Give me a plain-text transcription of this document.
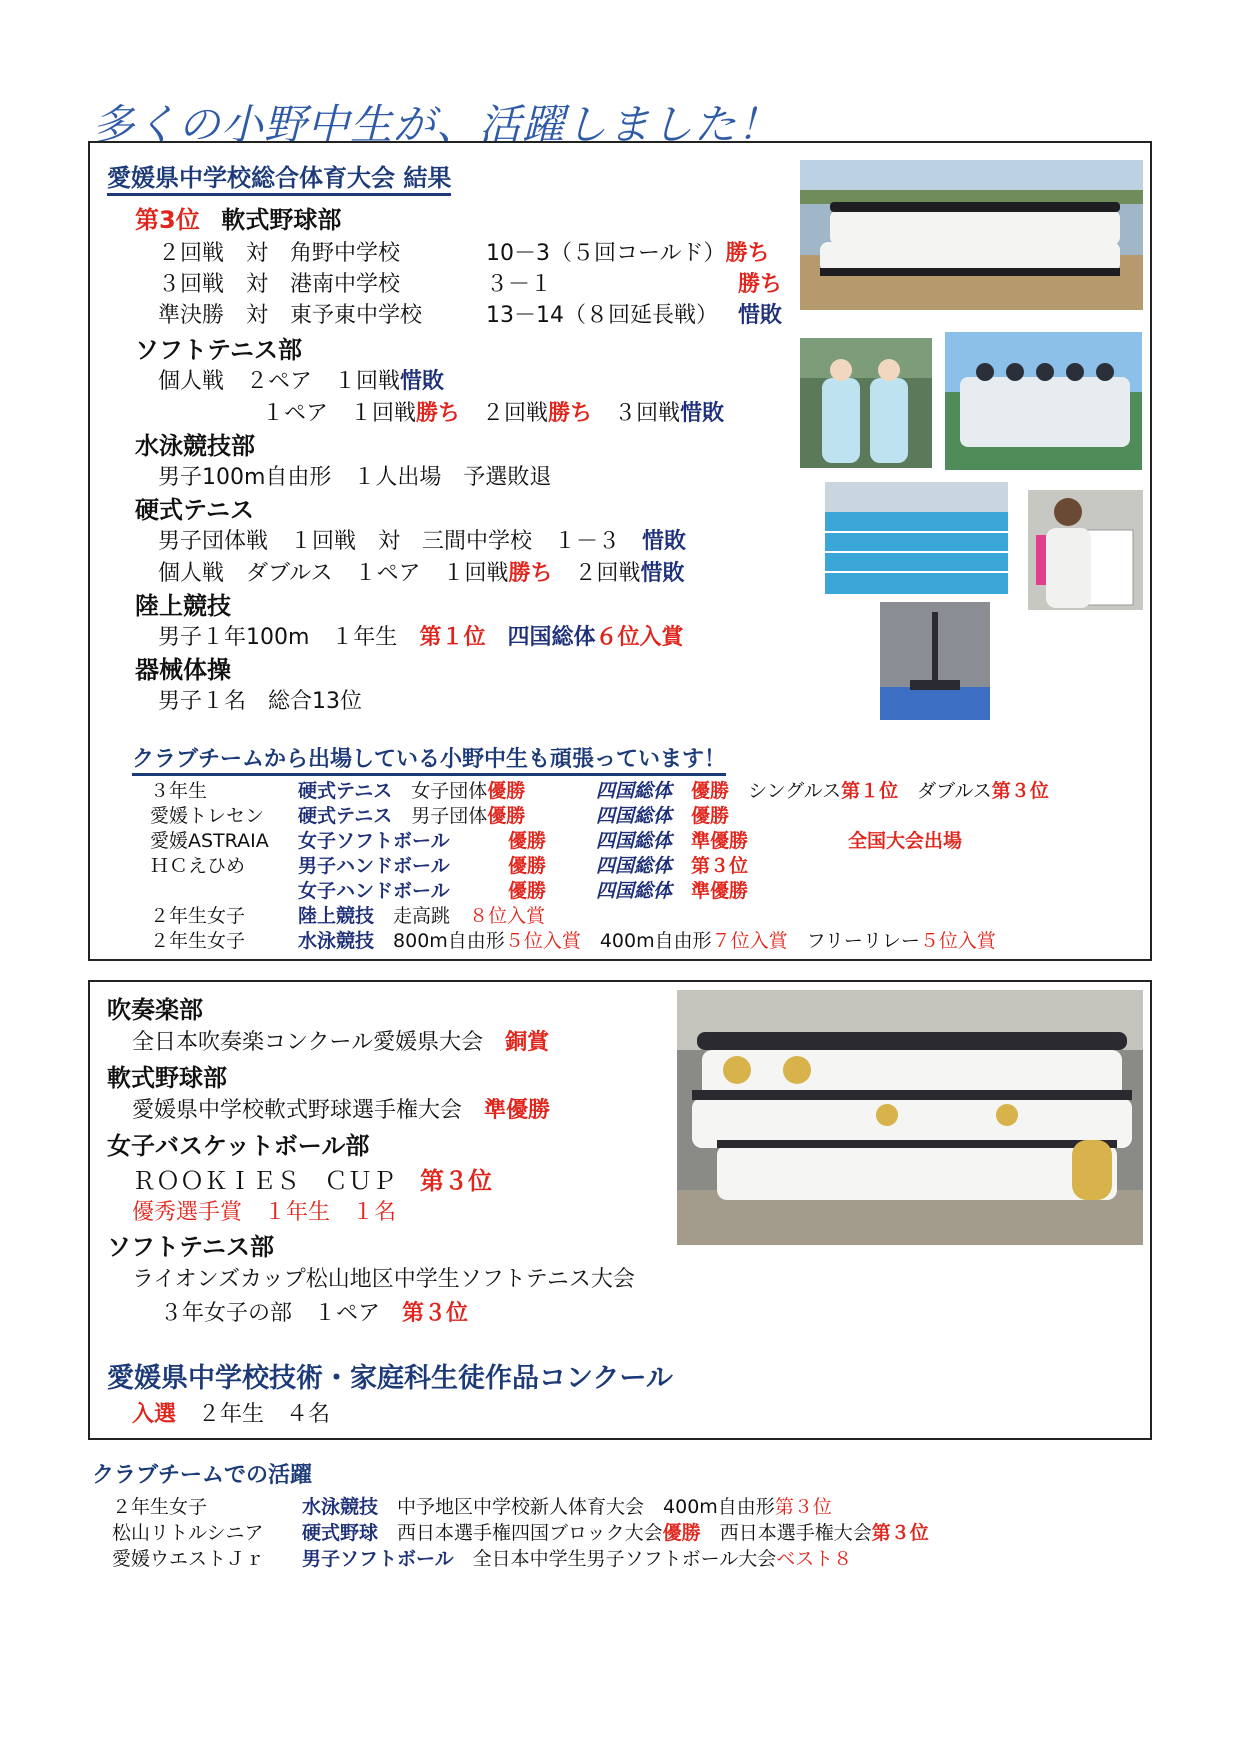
多くの小野中生が、活躍しました！
愛媛県中学校総合体育大会 結果
第3位 軟式野球部
２回戦　対　角野中学校	10－3（５回コールド）勝ち
３回戦　対　港南中学校	３－１	勝ち
準決勝　対　東予東中学校	13－14（８回延長戦） 惜敗
ソフトテニス部
個人戦　２ペア　１回戦惜敗
１ペア　１回戦勝ち　 ２回戦勝ち　 ３回戦惜敗
水泳競技部
男子100m自由形　１人出場　予選敗退
硬式テニス
男子団体戦　１回戦　対　三間中学校　１－３　 惜敗
個人戦　ダブルス　１ペア　１回戦勝ち　 ２回戦惜敗
陸上競技
男子１年100m　１年生　 第１位　 四国総体６位入賞
器械体操
男子１名　総合13位
クラブチームから出場している小野中生も頑張っています！
３年生	硬式テニス　 女子団体優勝	四国総体　 優勝　 シングルス第１位　 ダブルス第３位
愛媛トレセン 硬式テニス　 男子団体優勝	四国総体　 優勝
愛媛ASTRAIA 女子ソフトボール	優勝	四国総体　 準優勝	全国大会出場
ＨＣえひめ	男子ハンドボール	優勝	四国総体　 第３位
女子ハンドボール	優勝	四国総体　 準優勝
２年生女子	陸上競技　 走高跳　 ８位入賞
２年生女子	水泳競技　 800m自由形５位入賞　 400m自由形７位入賞　 フリーリレー５位入賞
吹奏楽部
全日本吹奏楽コンクール愛媛県大会　 銅賞
軟式野球部
愛媛県中学校軟式野球選手権大会　 準優勝
女子バスケットボール部
ＲＯＯＫＩＥＳ　ＣＵＰ　 第３位
優秀選手賞　１年生　１名
ソフトテニス部
ライオンズカップ松山地区中学生ソフトテニス大会
３年女子の部　１ペア　 第３位
愛媛県中学校技術・家庭科生徒作品コンクール
入選　 ２年生　４名
クラブチームでの活躍
２年生女子	水泳競技　 中予地区中学校新人体育大会　400m自由形第３位
松山リトルシニア 硬式野球　 西日本選手権四国ブロック大会優勝　 西日本選手権大会第３位
愛媛ウエストＪｒ 男子ソフトボール　 全日本中学生男子ソフトボール大会ベスト８
